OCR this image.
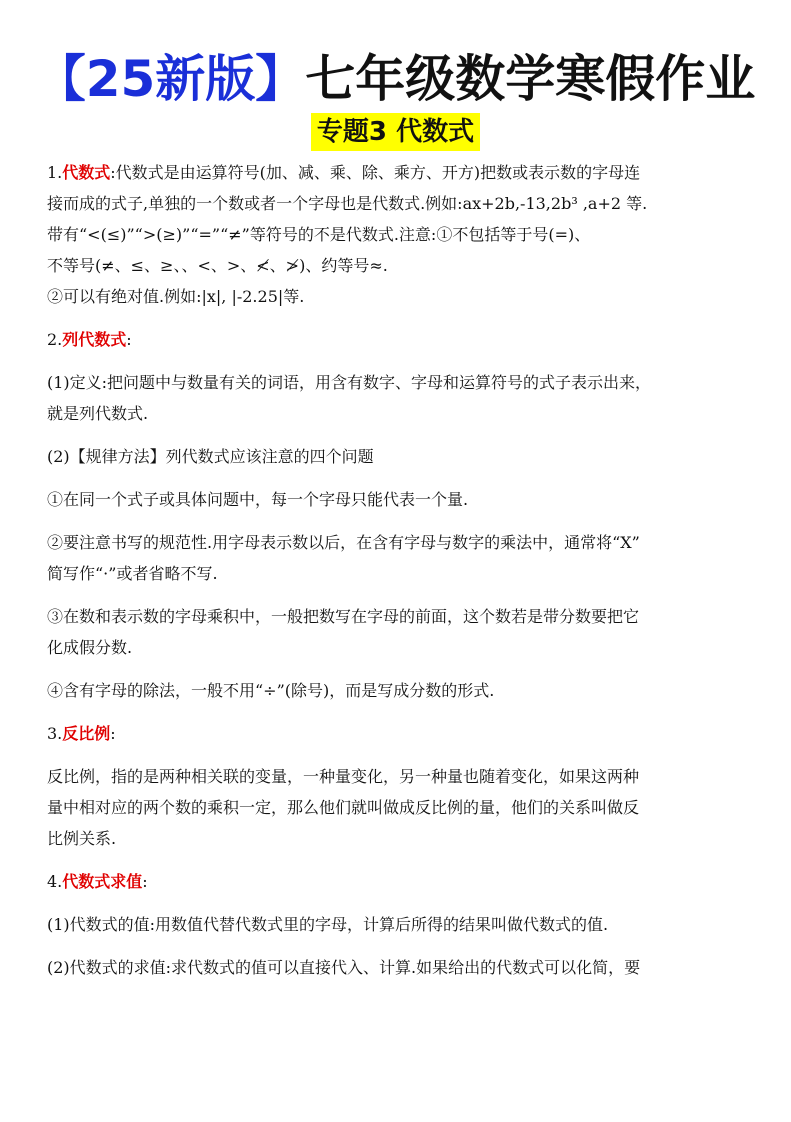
【25新版】七年级数学寒假作业
专题3 代数式

1.代数式:代数式是由运算符号(加、减、乘、除、乘方、开方)把数或表示数的字母连

接而成的式子,单独的一个数或者一个字母也是代数式.例如:ax+2b,-13,2b³ ,a+2 等.

带有“<(≤)”“>(≥)”“=”“≠”等符号的不是代数式.注意:①不包括等于号(=)、

不等号(≠、≤、≥、、<、>、≮、≯)、约等号≈.

②可以有绝对值.例如:|x|, |-2.25|等.

2.列代数式:

(1)定义:把问题中与数量有关的词语，用含有数字、字母和运算符号的式子表示出来，

就是列代数式.

(2)【规律方法】列代数式应该注意的四个问题

①在同一个式子或具体问题中，每一个字母只能代表一个量.

②要注意书写的规范性.用字母表示数以后，在含有字母与数字的乘法中，通常将“X”

简写作“·”或者省略不写.

③在数和表示数的字母乘积中，一般把数写在字母的前面，这个数若是带分数要把它

化成假分数.

④含有字母的除法，一般不用“÷”(除号)，而是写成分数的形式.

3.反比例:

反比例，指的是两种相关联的变量，一种量变化，另一种量也随着变化，如果这两种

量中相对应的两个数的乘积一定，那么他们就叫做成反比例的量，他们的关系叫做反

比例关系.

4.代数式求值:

(1)代数式的值:用数值代替代数式里的字母，计算后所得的结果叫做代数式的值.

(2)代数式的求值:求代数式的值可以直接代入、计算.如果给出的代数式可以化简，要
